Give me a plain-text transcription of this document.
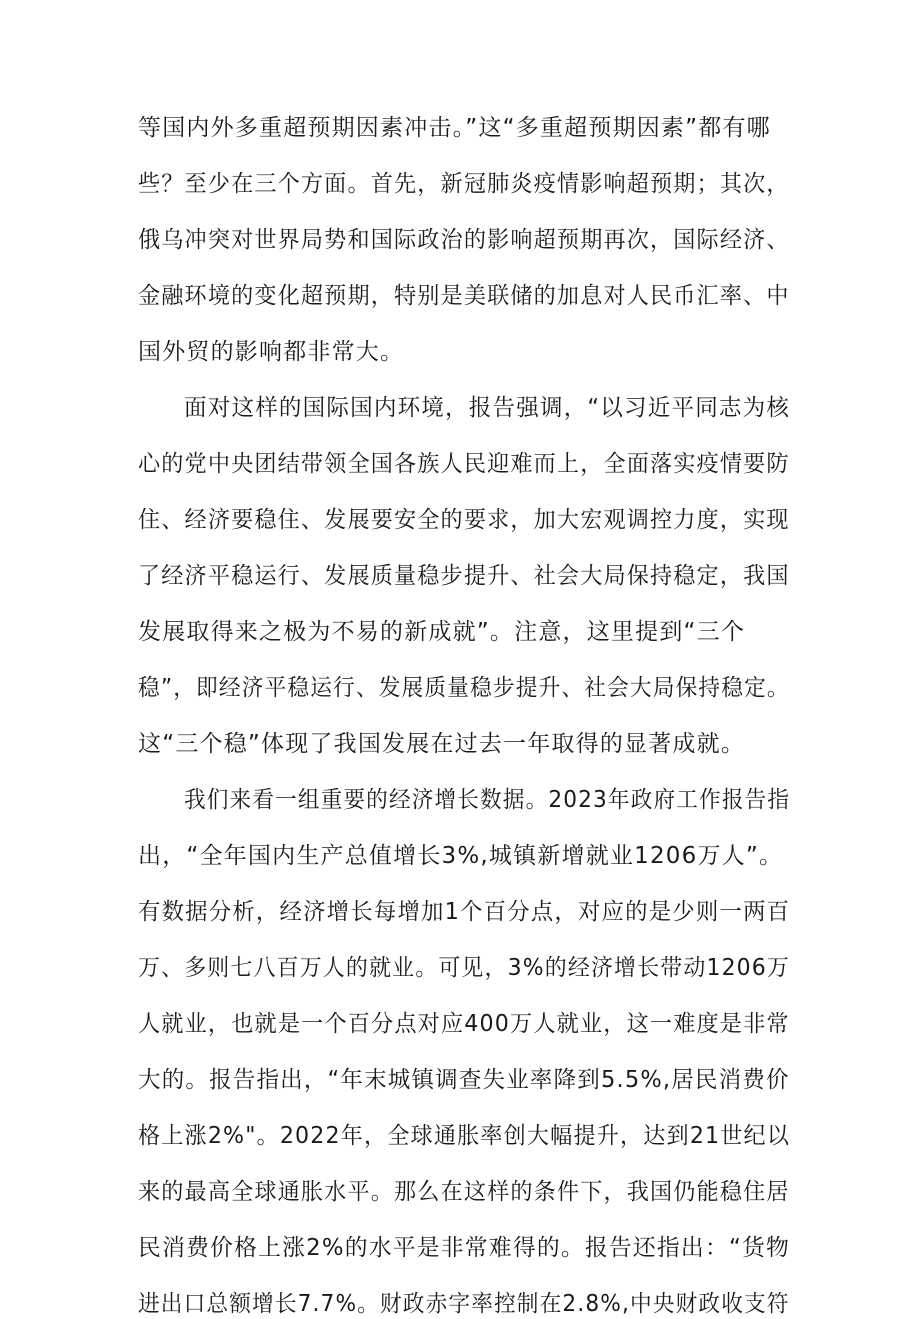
等国内外多重超预期因素冲击。”这“多重超预期因素”都有哪
些？至少在三个方面。首先，新冠肺炎疫情影响超预期；其次，
俄乌冲突对世界局势和国际政治的影响超预期再次，国际经济、
金融环境的变化超预期，特别是美联储的加息对人民币汇率、中
国外贸的影响都非常大。
面对这样的国际国内环境，报告强调，“以习近平同志为核
心的党中央团结带领全国各族人民迎难而上，全面落实疫情要防
住、经济要稳住、发展要安全的要求，加大宏观调控力度，实现
了经济平稳运行、发展质量稳步提升、社会大局保持稳定，我国
发展取得来之极为不易的新成就”。注意，这里提到“三个
稳”，即经济平稳运行、发展质量稳步提升、社会大局保持稳定。
这“三个稳”体现了我国发展在过去一年取得的显著成就。
我们来看一组重要的经济增长数据。2023年政府工作报告指
出，“全年国内生产总值增长3%,城镇新增就业1206万人”。
有数据分析，经济增长每增加1个百分点，对应的是少则一两百
万、多则七八百万人的就业。可见，3%的经济增长带动1206万
人就业，也就是一个百分点对应400万人就业，这一难度是非常
大的。报告指出，“年末城镇调查失业率降到5.5%,居民消费价
格上涨2%"。2022年，全球通胀率创大幅提升，达到21世纪以
来的最高全球通胀水平。那么在这样的条件下，我国仍能稳住居
民消费价格上涨2%的水平是非常难得的。报告还指出：“货物
进出口总额增长7.7%。财政赤字率控制在2.8%,中央财政收支符
